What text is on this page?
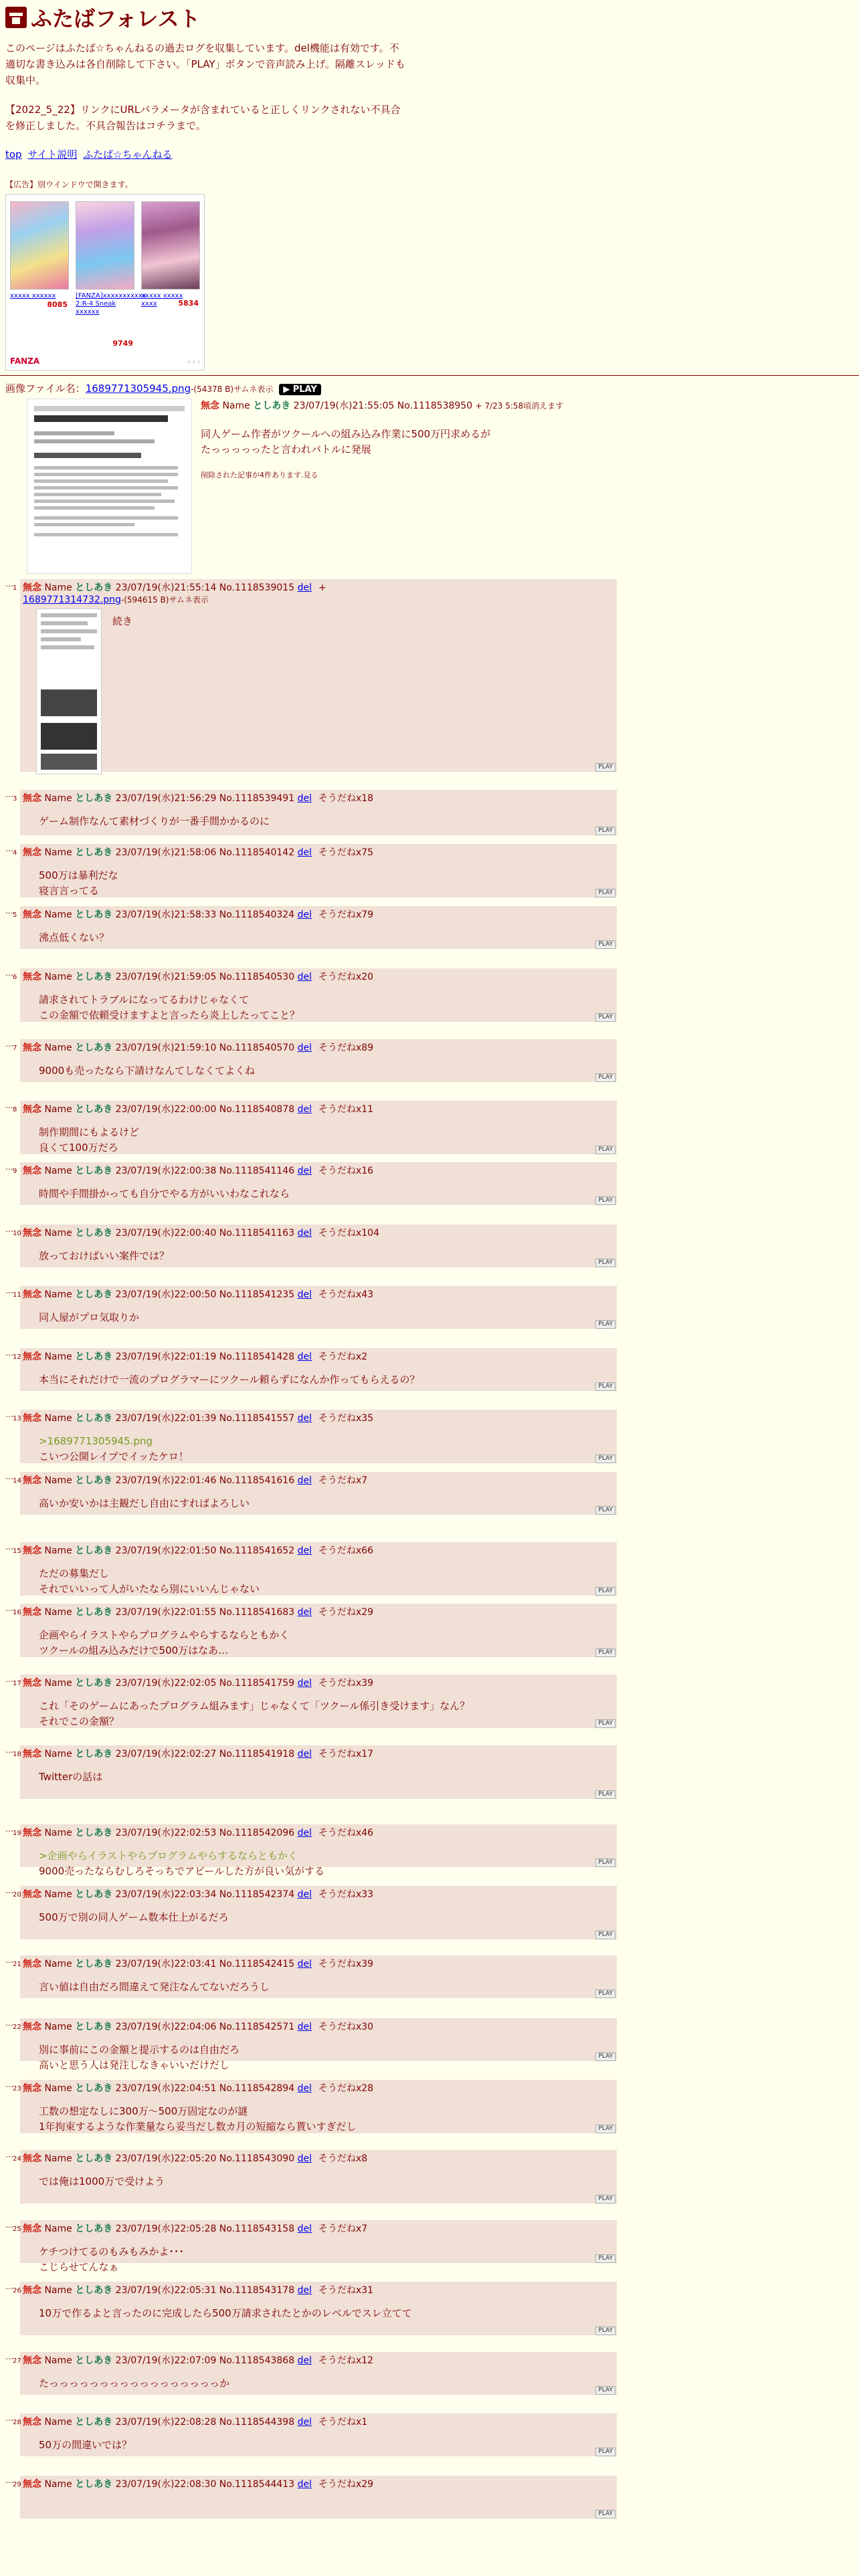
ふたばフォレスト

このページはふたば☆ちゃんねるの過去ログを収集しています。del機能は有効です。不適切な書き込みは各自削除して下さい。「PLAY」ボタンで音声読み上げ。隔離スレッドも収集中。

【2022_5_22】リンクにURLパラメータが含まれていると正しくリンクされない不具合を修正しました。不具合報告はコチラまで。

top サイト説明 ふたば☆ちゃんねる
【広告】別ウインドウで開きます。
xxxxx xxxxxx
8085
[FANZA]xxxxxxxxxxx 2:R-4 Sneak xxxxxx
9749
xxxxx xxxxx xxxx	5834
FANZA	‹ › ›
画像ファイル名：1689771305945.png-(54378 B)サムネ表示 ▶ PLAY
無念 Name としあき 23/07/19(水)21:55:05 No.1118538950 + 7/23 5:58頃消えます
同人ゲーム作者がツクールへの組み込み作業に500万円求めるが
たっっっっったと言われバトルに発展
削除された記事が4件あります.見る
… 1 無念 Name としあき 23/07/19(水)21:55:14 No.1118539015 del +
1689771314732.png-(594615 B)サムネ表示
続き
PLAY
… 3 無念 Name としあき 23/07/19(水)21:56:29 No.1118539491 del そうだねx18
ゲーム制作なんて素材づくりが一番手間かかるのに
PLAY
… 4 無念 Name としあき 23/07/19(水)21:58:06 No.1118540142 del そうだねx75
500万は暴利だな
寝言言ってる	PLAY
… 5 無念 Name としあき 23/07/19(水)21:58:33 No.1118540324 del そうだねx79
沸点低くない？
PLAY
… 6 無念 Name としあき 23/07/19(水)21:59:05 No.1118540530 del そうだねx20
請求されてトラブルになってるわけじゃなくて
この金額で依頼受けますよと言ったら炎上したってこと？	PLAY
… 7 無念 Name としあき 23/07/19(水)21:59:10 No.1118540570 del そうだねx89
9000も売ったなら下請けなんてしなくてよくね
PLAY
… 8 無念 Name としあき 23/07/19(水)22:00:00 No.1118540878 del そうだねx11
制作期間にもよるけど
良くて100万だろ	PLAY
… 9 無念 Name としあき 23/07/19(水)22:00:38 No.1118541146 del そうだねx16
時間や手間掛かっても自分でやる方がいいわなこれなら
PLAY
… 10 無念 Name としあき 23/07/19(水)22:00:40 No.1118541163 del そうだねx104
放っておけばいい案件では？
PLAY
… 11 無念 Name としあき 23/07/19(水)22:00:50 No.1118541235 del そうだねx43
同人屋がプロ気取りか
PLAY
… 12 無念 Name としあき 23/07/19(水)22:01:19 No.1118541428 del そうだねx2
本当にそれだけで一流のプログラマーにツクール頼らずになんか作ってもらえるの？
PLAY
… 13 無念 Name としあき 23/07/19(水)22:01:39 No.1118541557 del そうだねx35
>1689771305945.png
こいつ公開レイプでイッたケロ！	PLAY
… 14 無念 Name としあき 23/07/19(水)22:01:46 No.1118541616 del そうだねx7
高いか安いかは主観だし自由にすればよろしい
PLAY
… 15 無念 Name としあき 23/07/19(水)22:01:50 No.1118541652 del そうだねx66
ただの募集だし
それでいいって人がいたなら別にいいんじゃない	PLAY
… 16 無念 Name としあき 23/07/19(水)22:01:55 No.1118541683 del そうだねx29
企画やらイラストやらプログラムやらするならともかく
ツクールの組み込みだけで500万はなあ…	PLAY
… 17 無念 Name としあき 23/07/19(水)22:02:05 No.1118541759 del そうだねx39
これ「そのゲームにあったプログラム組みます」じゃなくて「ツクール係引き受けます」なん？
それでこの金額？	PLAY
… 18 無念 Name としあき 23/07/19(水)22:02:27 No.1118541918 del そうだねx17
Twitterの話は
PLAY
… 19 無念 Name としあき 23/07/19(水)22:02:53 No.1118542096 del そうだねx46
>企画やらイラストやらプログラムやらするならともかく
9000売ったならむしろそっちでアピールした方が良い気がする
PLAY
… 20 無念 Name としあき 23/07/19(水)22:03:34 No.1118542374 del そうだねx33
500万で別の同人ゲーム数本仕上がるだろ
PLAY
… 21 無念 Name としあき 23/07/19(水)22:03:41 No.1118542415 del そうだねx39
言い値は自由だろ間違えて発注なんてないだろうし
PLAY
… 22 無念 Name としあき 23/07/19(水)22:04:06 No.1118542571 del そうだねx30
別に事前にこの金額と提示するのは自由だろ
高いと思う人は発注しなきゃいいだけだし
PLAY
… 23 無念 Name としあき 23/07/19(水)22:04:51 No.1118542894 del そうだねx28
工数の想定なしに300万〜500万固定なのが謎
1年拘束するような作業量なら妥当だし数カ月の短縮なら貰いすぎだし	PLAY
… 24 無念 Name としあき 23/07/19(水)22:05:20 No.1118543090 del そうだねx8
では俺は1000万で受けよう
PLAY
… 25 無念 Name としあき 23/07/19(水)22:05:28 No.1118543158 del そうだねx7
ケチつけてるのもみもみかよ･･･
こじらせてんなぁ
PLAY
… 26 無念 Name としあき 23/07/19(水)22:05:31 No.1118543178 del そうだねx31
10万で作るよと言ったのに完成したら500万請求されたとかのレベルでスレ立てて
PLAY
… 27 無念 Name としあき 23/07/19(水)22:07:09 No.1118543868 del そうだねx12
たっっっっっっっっっっっっっっっっっか
PLAY
… 28 無念 Name としあき 23/07/19(水)22:08:28 No.1118544398 del そうだねx1
50万の間違いでは？
PLAY
… 29 無念 Name としあき 23/07/19(水)22:08:30 No.1118544413 del そうだねx29
PLAY
